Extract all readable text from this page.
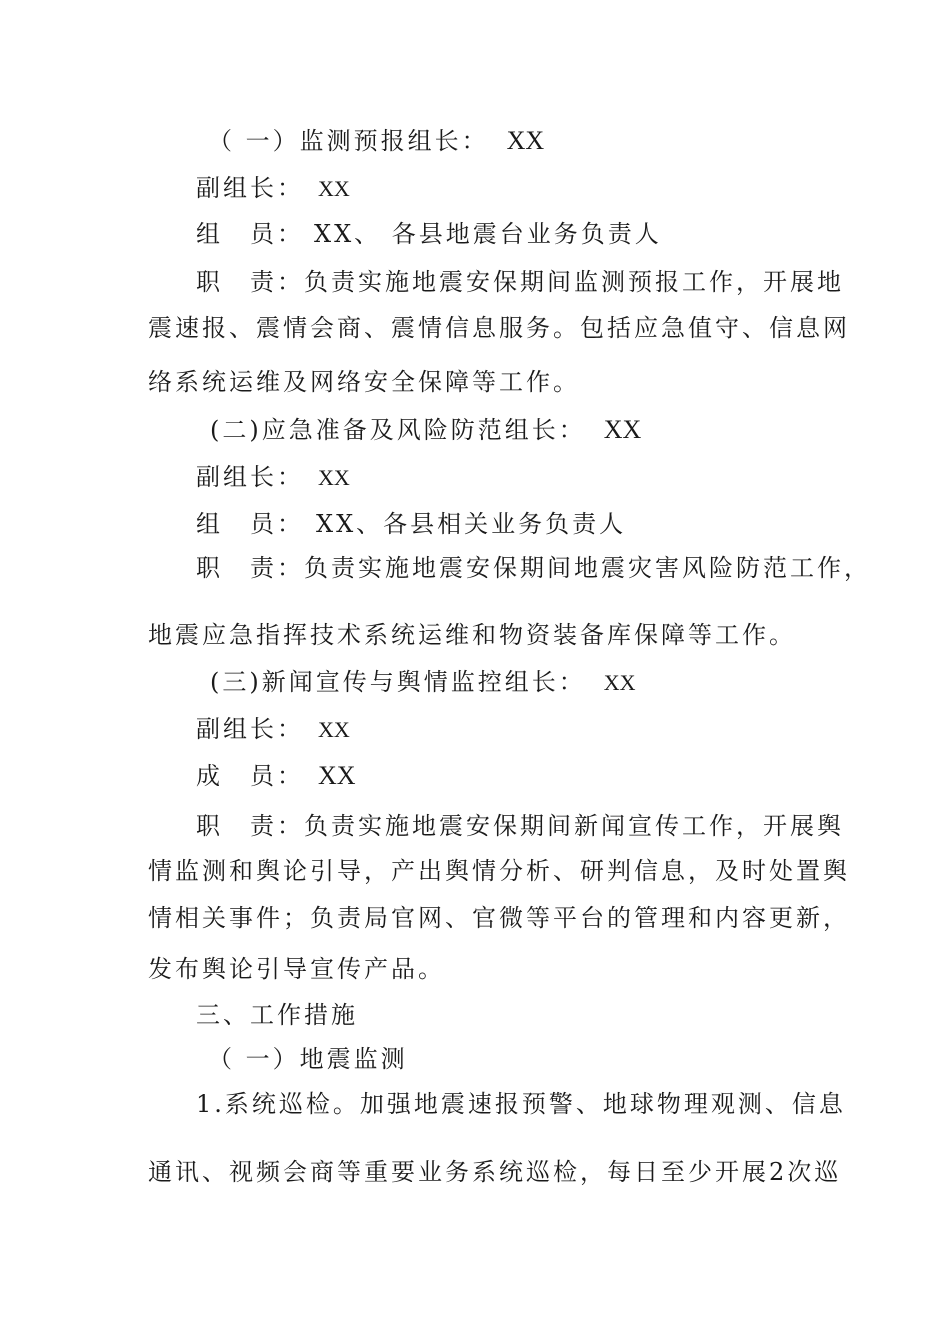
（ 一）监测预报组长： XX
副组长： XX
组　员： XX、 各县地震台业务负责人
职　责：负责实施地震安保期间监测预报工作，开展地
震速报、震情会商、震情信息服务。包括应急值守、信息网
络系统运维及网络安全保障等工作。
(二)应急准备及风险防范组长： XX
副组长： XX
组　员： XX、各县相关业务负责人
职　责：负责实施地震安保期间地震灾害风险防范工作，
地震应急指挥技术系统运维和物资装备库保障等工作。
(三)新闻宣传与舆情监控组长： XX
副组长： XX
成　员： XX
职　责：负责实施地震安保期间新闻宣传工作，开展舆
情监测和舆论引导，产出舆情分析、研判信息，及时处置舆
情相关事件；负责局官网、官微等平台的管理和内容更新，
发布舆论引导宣传产品。
三、工作措施
（ 一）地震监测
1.系统巡检。加强地震速报预警、地球物理观测、信息
通讯、视频会商等重要业务系统巡检，每日至少开展2次巡
